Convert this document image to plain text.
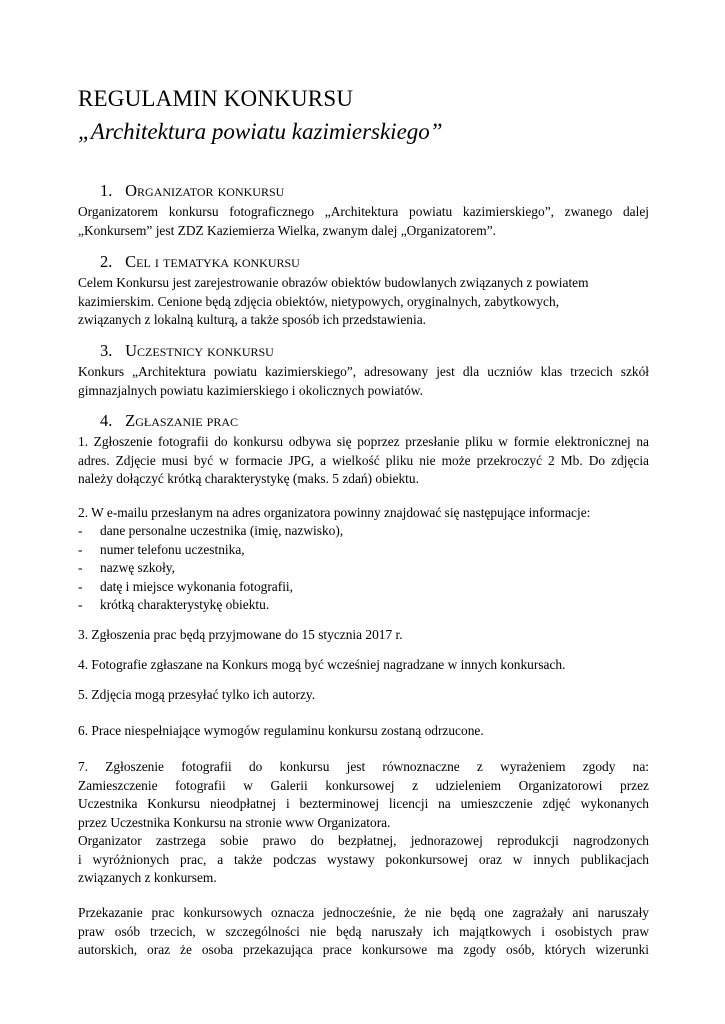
REGULAMIN KONKURSU
„Architektura powiatu kazimierskiego”
1. Organizator konkursu

Organizatorem konkursu fotograficznego „Architektura powiatu kazimierskiego”, zwanego dalej
„Konkursem” jest ZDZ Kaziemierza Wielka, zwanym dalej „Organizatorem”.

2. Cel i tematyka konkursu

Celem Konkursu jest zarejestrowanie obrazów obiektów budowlanych związanych z powiatem
kazimierskim. Cenione będą zdjęcia obiektów, nietypowych, oryginalnych, zabytkowych,
związanych z lokalną kulturą, a także sposób ich przedstawienia.

3. Uczestnicy konkursu

Konkurs „Architektura powiatu kazimierskiego”, adresowany jest dla uczniów klas trzecich szkół
gimnazjalnych powiatu kazimierskiego i okolicznych powiatów.

4. Zgłaszanie prac

1. Zgłoszenie fotografii do konkursu odbywa się poprzez przesłanie pliku w formie elektronicznej na
adres. Zdjęcie musi być w formacie JPG, a wielkość pliku nie może przekroczyć 2 Mb. Do zdjęcia
należy dołączyć krótką charakterystykę (maks. 5 zdań) obiektu.

2. W e-mailu przesłanym na adres organizatora powinny znajdować się następujące informacje:

- dane personalne uczestnika (imię, nazwisko),
- numer telefonu uczestnika,
- nazwę szkoły,
- datę i miejsce wykonania fotografii,
- krótką charakterystykę obiektu.

3. Zgłoszenia prac będą przyjmowane do 15 stycznia 2017 r.

4. Fotografie zgłaszane na Konkurs mogą być wcześniej nagradzane w innych konkursach.

5. Zdjęcia mogą przesyłać tylko ich autorzy.

6. Prace niespełniające wymogów regulaminu konkursu zostaną odrzucone.

7. Zgłoszenie fotografii do konkursu jest równoznaczne z wyrażeniem zgody na:
Zamieszczenie fotografii w Galerii konkursowej z udzieleniem Organizatorowi przez
Uczestnika Konkursu nieodpłatnej i bezterminowej licencji na umieszczenie zdjęć wykonanych
przez Uczestnika Konkursu na stronie www Organizatora.
Organizator zastrzega sobie prawo do bezpłatnej, jednorazowej reprodukcji nagrodzonych
i wyróżnionych prac, a także podczas wystawy pokonkursowej oraz w innych publikacjach
związanych z konkursem.

Przekazanie prac konkursowych oznacza jednocześnie, że nie będą one zagrażały ani naruszały
praw osób trzecich, w szczególności nie będą naruszały ich majątkowych i osobistych praw
autorskich, oraz że osoba przekazująca prace konkursowe ma zgody osób, których wizerunki
